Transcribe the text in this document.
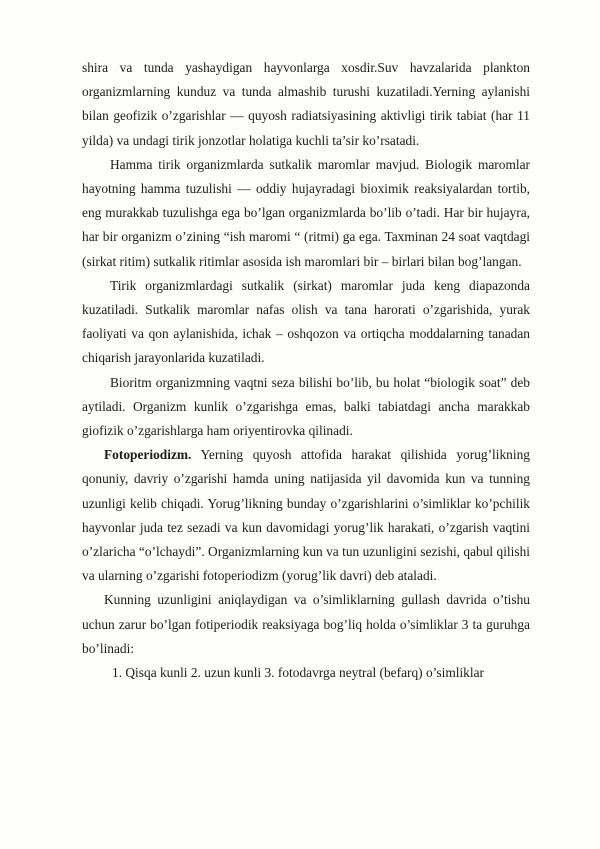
shira va tunda yashaydigan hayvonlarga xosdir.Suv havzalarida plankton organizmlarning kunduz va tunda almashib turushi kuzatiladi.Yerning aylanishi bilan geofizik o’zgarishlar — quyosh radiatsiyasining aktivligi tirik tabiat (har 11 yilda) va undagi tirik jonzotlar holatiga kuchli ta’sir ko’rsatadi.

Hamma tirik organizmlarda sutkalik maromlar mavjud. Biologik maromlar hayotning hamma tuzulishi — oddiy hujayradagi bioximik reaksiyalardan tortib, eng murakkab tuzulishga ega bo’lgan organizmlarda bo’lib o’tadi. Har bir hujayra, har bir organizm o’zining “ish maromi “ (ritmi) ga ega. Taxminan 24 soat vaqtdagi (sirkat ritim) sutkalik ritimlar asosida ish maromlari bir – birlari bilan bog’langan.

Tirik organizmlardagi sutkalik (sirkat) maromlar juda keng diapazonda kuzatiladi. Sutkalik maromlar nafas olish va tana harorati o’zgarishida, yurak faoliyati va qon aylanishida, ichak – oshqozon va ortiqcha moddalarning tanadan chiqarish jarayonlarida kuzatiladi.

Bioritm organizmning vaqtni seza bilishi bo’lib, bu holat “biologik soat” deb aytiladi. Organizm kunlik o’zgarishga emas, balki tabiatdagi ancha marakkab giofizik o’zgarishlarga ham oriyentirovka qilinadi.

Fotoperiodizm. Yerning quyosh attofida harakat qilishida yorug’likning qonuniy, davriy o’zgarishi hamda uning natijasida yil davomida kun va tunning uzunligi kelib chiqadi. Yorug’likning bunday o’zgarishlarini o’simliklar ko’pchilik hayvonlar juda tez sezadi va kun davomidagi yorug’lik harakati, o’zgarish vaqtini o’zlaricha “o’lchaydi”. Organizmlarning kun va tun uzunligini sezishi, qabul qilishi va ularning o’zgarishi fotoperiodizm (yorug’lik davri) deb ataladi.

Kunning uzunligini aniqlaydigan va o’simliklarning gullash davrida o’tishu uchun zarur bo’lgan fotiperiodik reaksiyaga bog’liq holda o’simliklar 3 ta guruhga bo’linadi:

1. Qisqa kunli 2. uzun kunli 3. fotodavrga neytral (befarq) o’simliklar
